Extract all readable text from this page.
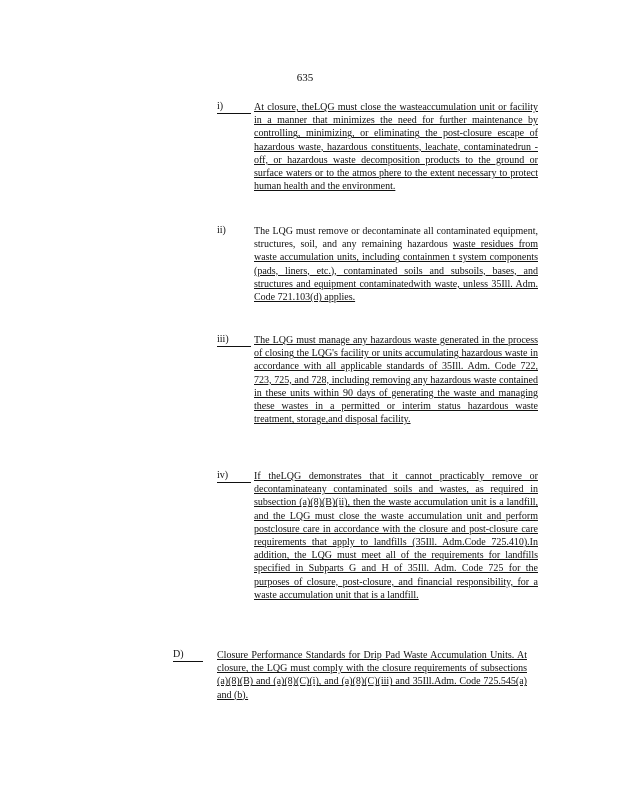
635
i)	At closure, theLQG must close the wasteaccumulation unit or facility in a manner that minimizes the need for further maintenance by controlling, minimizing, or eliminating the post-closure escape of hazardous waste, hazardous constituents, leachate, contaminatedrun -off, or hazardous waste decomposition products to the ground or surface waters or to the atmos phere to the extent necessary to protect human health and the environment.
ii)	The LQG must remove or decontaminate all contaminated equipment, structures, soil, and any remaining hazardous waste residues from waste accumulation units, including containmen t system components (pads, liners, etc.), contaminated soils and subsoils, bases, and structures and equipment contaminatedwith waste, unless 35Ill. Adm. Code 721.103(d) applies.
iii)	The LQG must manage any hazardous waste generated in the process of closing the LQG's facility or units accumulating hazardous waste in accordance with all applicable standards of 35Ill. Adm. Code 722, 723, 725, and 728, including removing any hazardous waste contained in these units within 90 days of generating the waste and managing these wastes in a permitted or interim status hazardous waste treatment, storage,and disposal facility.
iv)	If theLQG demonstrates that it cannot practicably remove or decontaminateany contaminated soils and wastes, as required in subsection (a)(8)(B)(ii), then the waste accumulation unit is a landfill, and the LQG must close the waste accumulation unit and perform postclosure care in accordance with the closure and post-closure care requirements that apply to landfills (35Ill. Adm.Code 725.410).In addition, the LQG must meet all of the requirements for landfills specified in Subparts G and H of 35Ill. Adm. Code 725 for the purposes of closure, post-closure, and financial responsibility, for a waste accumulation unit that is a landfill.
D)	Closure Performance Standards for Drip Pad Waste Accumulation Units. At closure, the LQG must comply with the closure requirements of subsections (a)(8)(B) and (a)(8)(C)(i), and (a)(8)(C)(iii) and 35Ill.Adm. Code 725.545(a) and (b).
